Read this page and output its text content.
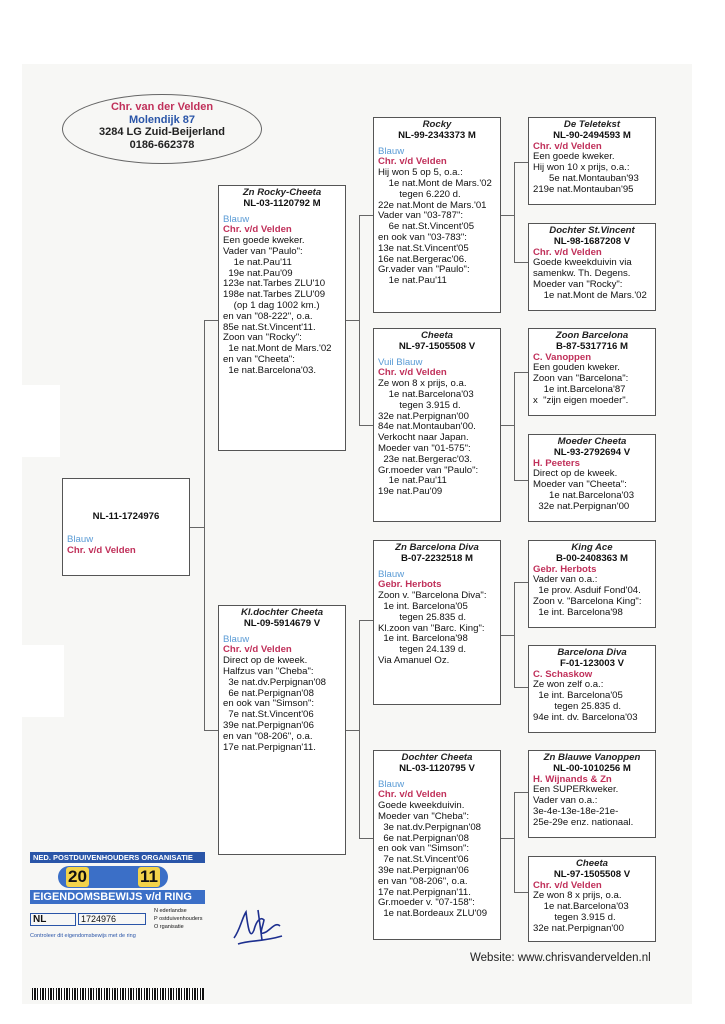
Chr. van der Velden
Molendijk 87
3284 LG Zuid-Beijerland
0186-662378
NL-11-1724976
Blauw
Chr. v/d Velden
Zn Rocky-Cheeta
NL-03-1120792 M
Blauw
Chr. v/d Velden
Een goede kweker.
Vader van "Paulo":
1e nat.Pau'11
19e nat.Pau'09
123e nat.Tarbes ZLU'10
198e nat.Tarbes ZLU'09
(op 1 dag 1002 km.)
en van "08-222", o.a.
85e nat.St.Vincent'11.
Zoon van "Rocky":
1e nat.Mont de Mars.'02
en van "Cheeta":
1e nat.Barcelona'03.
Kl.dochter Cheeta
NL-09-5914679 V
Blauw
Chr. v/d Velden
Direct op de kweek.
Halfzus van "Cheba":
3e nat.dv.Perpignan'08
6e nat.Perpignan'08
en ook van "Simson":
7e nat.St.Vincent'06
39e nat.Perpignan'06
en van "08-206", o.a.
17e nat.Perpignan'11.
Rocky
NL-99-2343373 M
Blauw
Chr. v/d Velden
Hij won 5 op 5, o.a.:
1e nat.Mont de Mars.'02
tegen 6.220 d.
22e nat.Mont de Mars.'01
Vader van "03-787":
6e nat.St.Vincent'05
en ook van "03-783":
13e nat.St.Vincent'05
16e nat.Bergerac'06.
Gr.vader van "Paulo":
1e nat.Pau'11
Cheeta
NL-97-1505508 V
Vuil Blauw
Chr. v/d Velden
Ze won 8 x prijs, o.a.
1e nat.Barcelona'03
tegen 3.915 d.
32e nat.Perpignan'00
84e nat.Montauban'00.
Verkocht naar Japan.
Moeder van "01-575":
23e nat.Bergerac'03.
Gr.moeder van "Paulo":
1e nat.Pau'11
19e nat.Pau'09
Zn Barcelona Diva
B-07-2232518 M
Blauw
Gebr. Herbots
Zoon v. "Barcelona Diva":
1e int. Barcelona'05
tegen 25.835 d.
Kl.zoon van "Barc. King":
1e int. Barcelona'98
tegen 24.139 d.
Via Amanuel Oz.
Dochter Cheeta
NL-03-1120795 V
Blauw
Chr. v/d Velden
Goede kweekduivin.
Moeder van "Cheba":
3e nat.dv.Perpignan'08
6e nat.Perpignan'08
en ook van "Simson":
7e nat.St.Vincent'06
39e nat.Perpignan'06
en van "08-206", o.a.
17e nat.Perpignan'11.
Gr.moeder v. "07-158":
1e nat.Bordeaux ZLU'09
De Teletekst
NL-90-2494593 M
Chr. v/d Velden
Een goede kweker.
Hij won 10 x prijs, o.a.:
5e nat.Montauban'93
219e nat.Montauban'95
Dochter St.Vincent
NL-98-1687208 V
Chr. v/d Velden
Goede kweekduivin via
samenkw. Th. Degens.
Moeder van "Rocky":
1e nat.Mont de Mars.'02
Zoon Barcelona
B-87-5317716 M
C. Vanoppen
Een gouden kweker.
Zoon van "Barcelona":
1e int.Barcelona'87
x  "zijn eigen moeder".
Moeder Cheeta
NL-93-2792694 V
H. Peeters
Direct op de kweek.
Moeder van "Cheeta":
1e nat.Barcelona'03
32e nat.Perpignan'00
King Ace
B-00-2408363 M
Gebr. Herbots
Vader van o.a.:
1e prov. Asduif Fond'04.
Zoon v. "Barcelona King":
1e int. Barcelona'98
Barcelona Diva
F-01-123003 V
C. Schaskow
Ze won zelf o.a.:
1e int. Barcelona'05
tegen 25.835 d.
94e int. dv. Barcelona'03
Zn Blauwe Vanoppen
NL-00-1010256 M
H. Wijnands & Zn
Een SUPERkweker.
Vader van o.a.:
3e-4e-13e-18e-21e-
25e-29e enz. nationaal.
Cheeta
NL-97-1505508 V
Chr. v/d Velden
Ze won 8 x prijs, o.a.
1e nat.Barcelona'03
tegen 3.915 d.
32e nat.Perpignan'00
NED. POSTDUIVENHOUDERS ORGANISATIE
20	11
EIGENDOMSBEWIJS v/d RING
NL	1724976
N ederlandse
P ostduivenhouders
O rganisatie
Controleer dit eigendomsbewijs met de ring
Website: www.chrisvandervelden.nl
